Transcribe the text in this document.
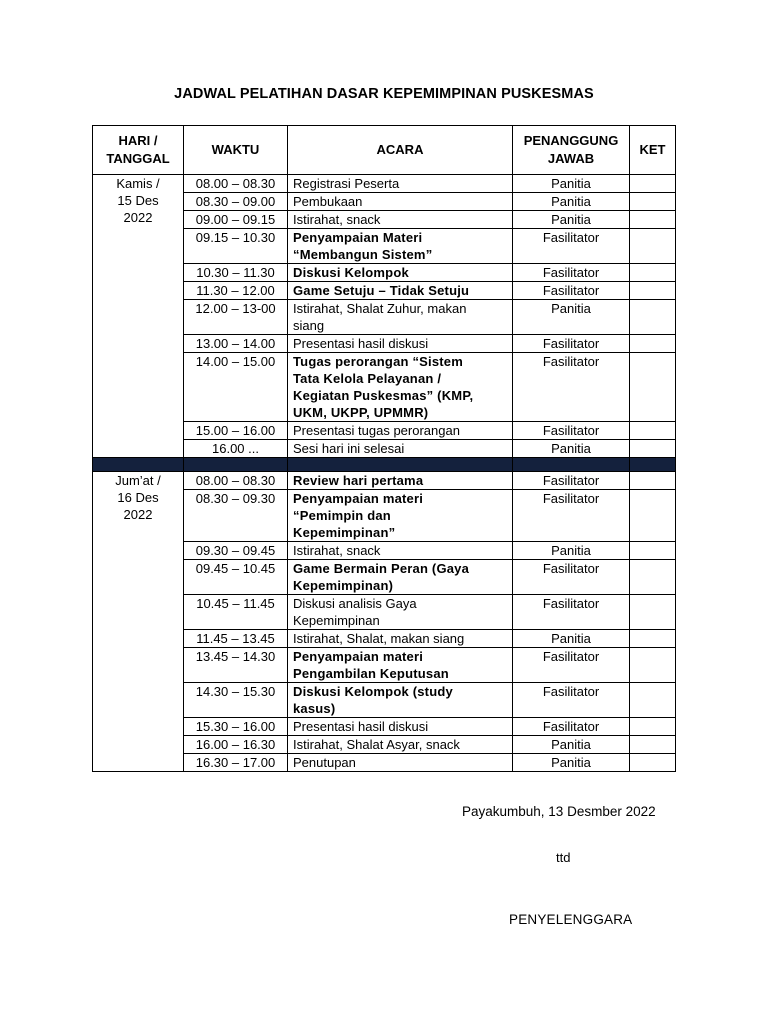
JADWAL PELATIHAN DASAR KEPEMIMPINAN PUSKESMAS
HARI /
TANGGAL	WAKTU	ACARA	PENANGGUNG
JAWAB	KET
Kamis /
15 Des
2022	08.00 – 08.30	Registrasi Peserta	Panitia	
	08.30 – 09.00	Pembukaan	Panitia	
	09.00 – 09.15	Istirahat, snack	Panitia	
	09.15 – 10.30	Penyampaian Materi
“Membangun Sistem”	Fasilitator	
	10.30 – 11.30	Diskusi Kelompok	Fasilitator	
	11.30 – 12.00	Game Setuju – Tidak Setuju	Fasilitator	
	12.00 – 13-00	Istirahat, Shalat Zuhur, makan
siang	Panitia	
	13.00 – 14.00	Presentasi hasil diskusi	Fasilitator	
	14.00 – 15.00	Tugas perorangan “Sistem
Tata Kelola Pelayanan /
Kegiatan Puskesmas” (KMP,
UKM, UKPP, UPMMR)	Fasilitator	
	15.00 – 16.00	Presentasi tugas perorangan	Fasilitator	
	16.00 ...	Sesi hari ini selesai	Panitia	

Jum’at /
16 Des
2022	08.00 – 08.30	Review hari pertama	Fasilitator	
	08.30 – 09.30	Penyampaian materi
“Pemimpin dan
Kepemimpinan”	Fasilitator	
	09.30 – 09.45	Istirahat, snack	Panitia	
	09.45 – 10.45	Game Bermain Peran (Gaya
Kepemimpinan)	Fasilitator	
	10.45 – 11.45	Diskusi analisis Gaya
Kepemimpinan	Fasilitator	
	11.45 – 13.45	Istirahat, Shalat, makan siang	Panitia	
	13.45 – 14.30	Penyampaian materi
Pengambilan Keputusan	Fasilitator	
	14.30 – 15.30	Diskusi Kelompok (study
kasus)	Fasilitator	
	15.30 – 16.00	Presentasi hasil diskusi	Fasilitator	
	16.00 – 16.30	Istirahat, Shalat Asyar, snack	Panitia	
	16.30 – 17.00	Penutupan	Panitia	
Payakumbuh, 13 Desmber 2022
ttd
PENYELENGGARA
